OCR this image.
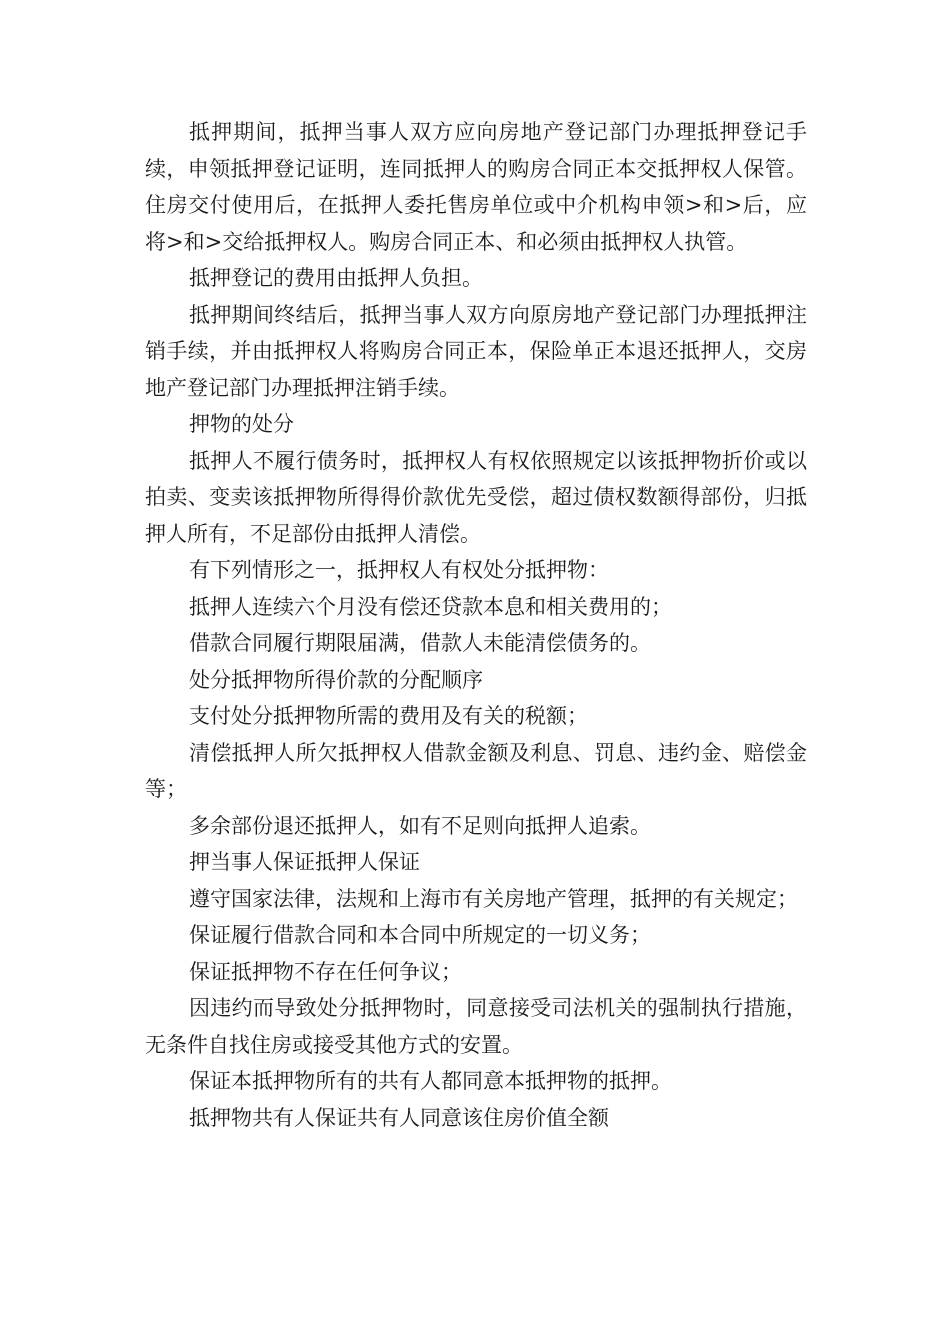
抵押期间，抵押当事人双方应向房地产登记部门办理抵押登记手续，申领抵押登记证明，连同抵押人的购房合同正本交抵押权人保管。住房交付使用后，在抵押人委托售房单位或中介机构申领>和>后，应将>和>交给抵押权人。购房合同正本、和必须由抵押权人执管。

抵押登记的费用由抵押人负担。

抵押期间终结后，抵押当事人双方向原房地产登记部门办理抵押注销手续，并由抵押权人将购房合同正本，保险单正本退还抵押人，交房地产登记部门办理抵押注销手续。

押物的处分

抵押人不履行债务时，抵押权人有权依照规定以该抵押物折价或以拍卖、变卖该抵押物所得得价款优先受偿，超过债权数额得部份，归抵押人所有，不足部份由抵押人清偿。

有下列情形之一，抵押权人有权处分抵押物：

抵押人连续六个月没有偿还贷款本息和相关费用的；

借款合同履行期限届满，借款人未能清偿债务的。

处分抵押物所得价款的分配顺序

支付处分抵押物所需的费用及有关的税额；

清偿抵押人所欠抵押权人借款金额及利息、罚息、违约金、赔偿金等；

多余部份退还抵押人，如有不足则向抵押人追索。

押当事人保证抵押人保证

遵守国家法律，法规和上海市有关房地产管理，抵押的有关规定；

保证履行借款合同和本合同中所规定的一切义务；

保证抵押物不存在任何争议；

因违约而导致处分抵押物时，同意接受司法机关的强制执行措施，无条件自找住房或接受其他方式的安置。

保证本抵押物所有的共有人都同意本抵押物的抵押。

抵押物共有人保证共有人同意该住房价值全额
